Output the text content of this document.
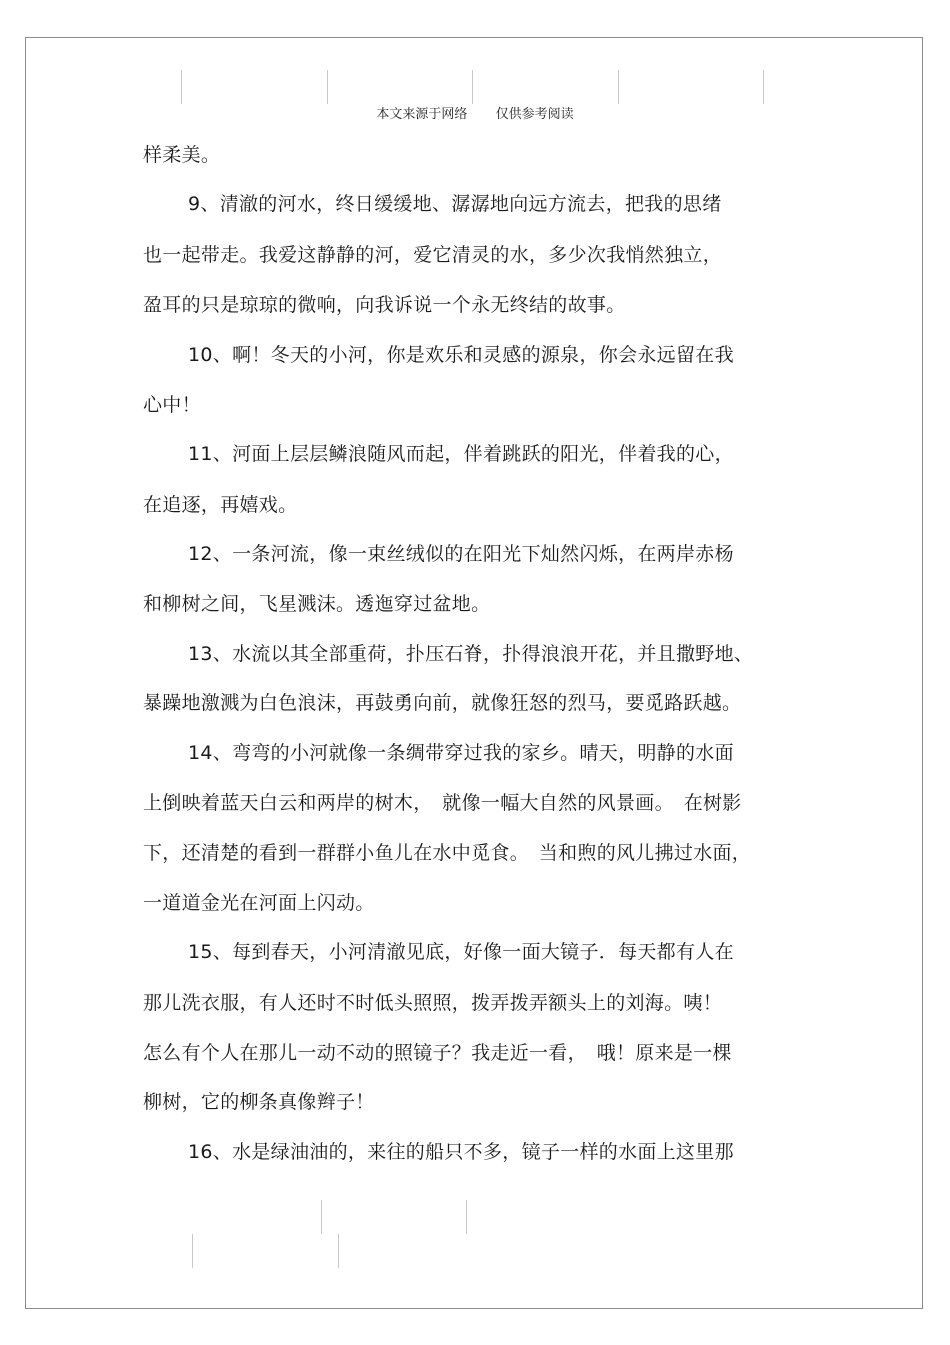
本文来源于网络 仅供参考阅读
样柔美。
9、清澈的河水，终日缓缓地、潺潺地向远方流去，把我的思绪
也一起带走。我爱这静静的河，爱它清灵的水，多少次我悄然独立，
盈耳的只是琼琼的微响，向我诉说一个永无终结的故事。
10、啊！冬天的小河，你是欢乐和灵感的源泉，你会永远留在我
心中！
11、河面上层层鳞浪随风而起，伴着跳跃的阳光，伴着我的心，
在追逐，再嬉戏。
12、一条河流，像一束丝绒似的在阳光下灿然闪烁，在两岸赤杨
和柳树之间，飞星溅沫。透迤穿过盆地。
13、水流以其全部重荷，扑压石脊，扑得浪浪开花，并且撒野地、
暴躁地激溅为白色浪沫，再鼓勇向前，就像狂怒的烈马，要觅路跃越。
14、弯弯的小河就像一条绸带穿过我的家乡。晴天，明静的水面
上倒映着蓝天白云和两岸的树木，　就像一幅大自然的风景画。　在树影
下，还清楚的看到一群群小鱼儿在水中觅食。　当和煦的风儿拂过水面，
一道道金光在河面上闪动。
15、每到春天，小河清澈见底，好像一面大镜子．每天都有人在
那儿洗衣服，有人还时不时低头照照，拨弄拨弄额头上的刘海。咦！
怎么有个人在那儿一动不动的照镜子？我走近一看，　哦！原来是一棵
柳树，它的柳条真像辫子！
16、水是绿油油的，来往的船只不多，镜子一样的水面上这里那
